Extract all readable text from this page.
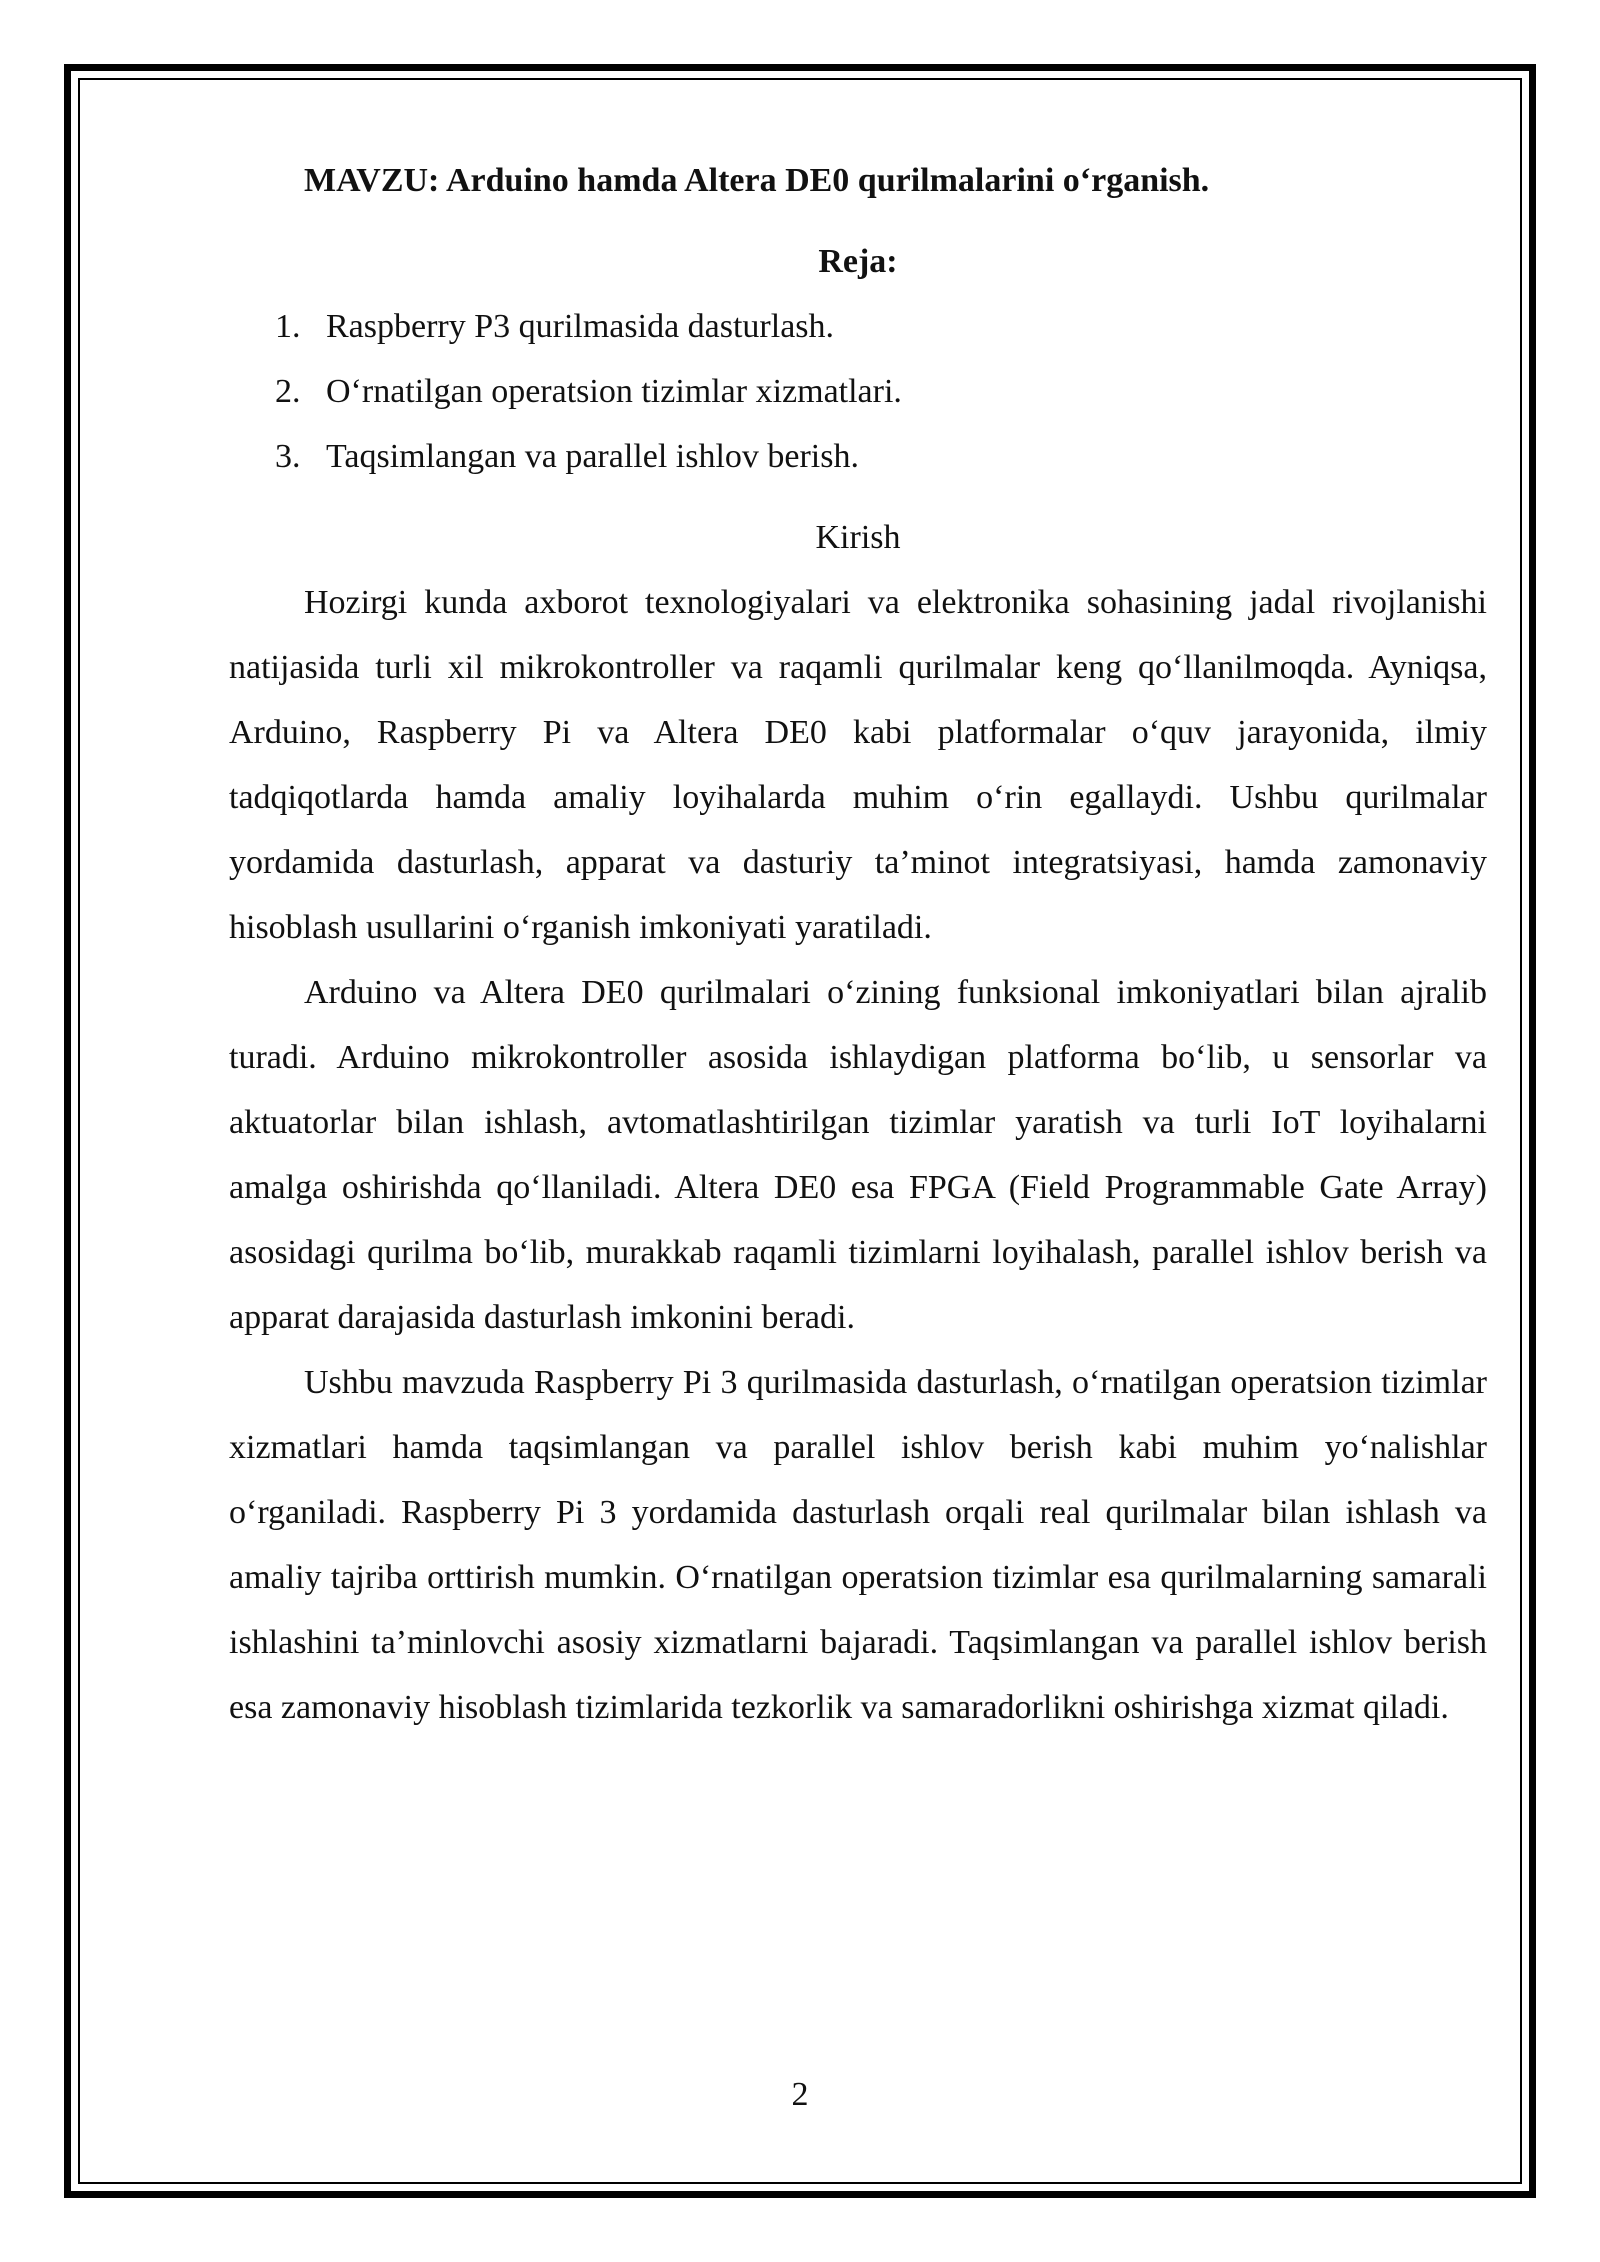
MAVZU: Arduino hamda Altera DE0 qurilmalarini o‘rganish.

Reja:

1. Raspberry P3 qurilmasida dasturlash.
2. O‘rnatilgan operatsion tizimlar xizmatlari.
3. Taqsimlangan va parallel ishlov berish.

Kirish

Hozirgi kunda axborot texnologiyalari va elektronika sohasining jadal rivojlanishi natijasida turli xil mikrokontroller va raqamli qurilmalar keng qo‘llanilmoqda. Ayniqsa, Arduino, Raspberry Pi va Altera DE0 kabi platformalar o‘quv jarayonida, ilmiy tadqiqotlarda hamda amaliy loyihalarda muhim o‘rin egallaydi. Ushbu qurilmalar yordamida dasturlash, apparat va dasturiy ta’minot integratsiyasi, hamda zamonaviy hisoblash usullarini o‘rganish imkoniyati yaratiladi.

Arduino va Altera DE0 qurilmalari o‘zining funksional imkoniyatlari bilan ajralib turadi. Arduino mikrokontroller asosida ishlaydigan platforma bo‘lib, u sensorlar va aktuatorlar bilan ishlash, avtomatlashtirilgan tizimlar yaratish va turli IoT loyihalarni amalga oshirishda qo‘llaniladi. Altera DE0 esa FPGA (Field Programmable Gate Array) asosidagi qurilma bo‘lib, murakkab raqamli tizimlarni loyihalash, parallel ishlov berish va apparat darajasida dasturlash imkonini beradi.

Ushbu mavzuda Raspberry Pi 3 qurilmasida dasturlash, o‘rnatilgan operatsion tizimlar xizmatlari hamda taqsimlangan va parallel ishlov berish kabi muhim yo‘nalishlar o‘rganiladi. Raspberry Pi 3 yordamida dasturlash orqali real qurilmalar bilan ishlash va amaliy tajriba orttirish mumkin. O‘rnatilgan operatsion tizimlar esa qurilmalarning samarali ishlashini ta’minlovchi asosiy xizmatlarni bajaradi. Taqsimlangan va parallel ishlov berish esa zamonaviy hisoblash tizimlarida tezkorlik va samaradorlikni oshirishga xizmat qiladi.

2
